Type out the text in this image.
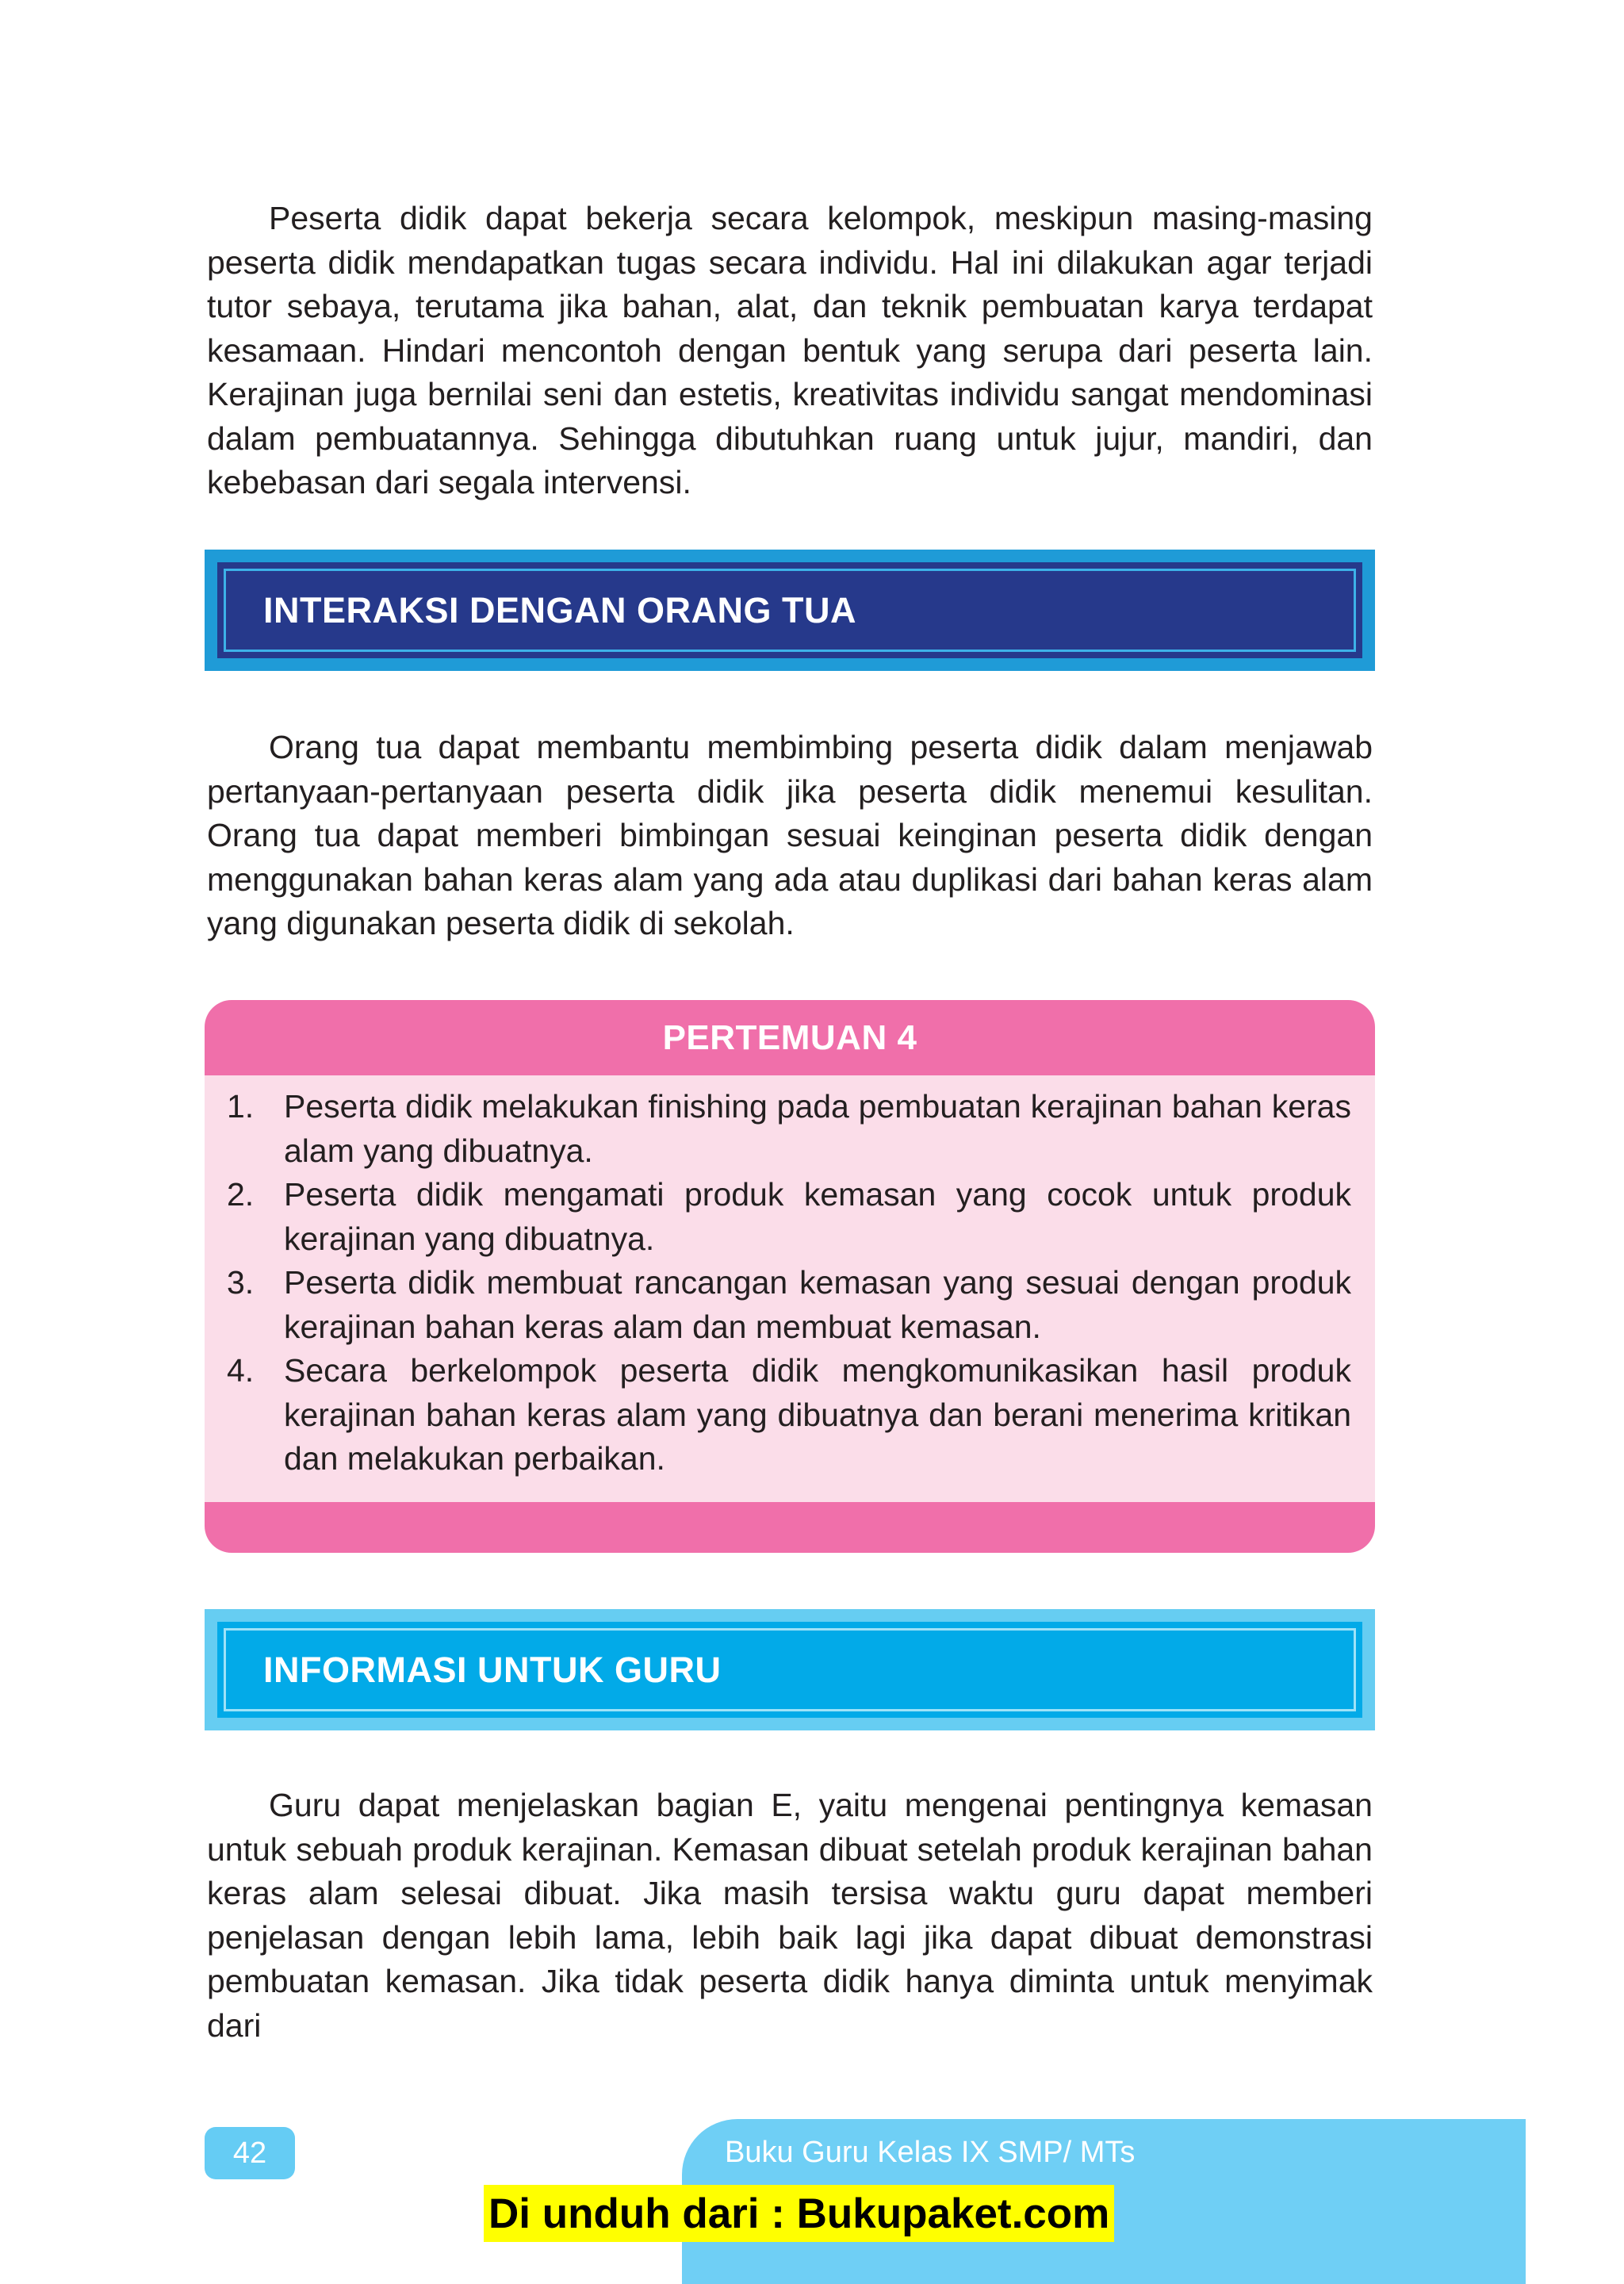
Peserta didik dapat bekerja secara kelompok, meskipun masing-masing peserta didik mendapatkan tugas secara individu. Hal ini dilakukan agar terjadi tutor sebaya, terutama jika bahan, alat, dan teknik pembuatan karya terdapat kesamaan. Hindari mencontoh dengan bentuk yang serupa dari peserta lain. Kerajinan juga bernilai seni dan estetis, kreativitas individu sangat mendominasi dalam pembuatannya. Sehingga dibutuhkan ruang untuk jujur, mandiri, dan kebebasan dari segala intervensi.

INTERAKSI DENGAN ORANG TUA

Orang tua dapat membantu membimbing peserta didik dalam menjawab pertanyaan-pertanyaan peserta didik jika peserta didik menemui kesulitan. Orang tua dapat memberi bimbingan sesuai keinginan peserta didik dengan menggunakan bahan keras alam yang ada atau duplikasi dari bahan keras alam yang digunakan peserta didik di sekolah.

PERTEMUAN 4
1. Peserta didik melakukan finishing pada pembuatan kerajinan bahan keras alam yang dibuatnya.
2. Peserta didik mengamati produk kemasan yang cocok untuk produk kerajinan yang dibuatnya.
3. Peserta didik membuat rancangan kemasan yang sesuai dengan produk kerajinan bahan keras alam dan membuat kemasan.
4. Secara berkelompok peserta didik mengkomunikasikan hasil produk kerajinan bahan keras alam yang dibuatnya dan berani menerima kritikan dan melakukan perbaikan.
INFORMASI UNTUK GURU

Guru dapat menjelaskan bagian E, yaitu mengenai pentingnya kemasan untuk sebuah produk kerajinan. Kemasan dibuat setelah produk kerajinan bahan keras alam selesai dibuat. Jika masih tersisa waktu guru dapat memberi penjelasan dengan lebih lama, lebih baik lagi jika dapat dibuat demonstrasi pembuatan kemasan. Jika tidak peserta didik hanya diminta untuk menyimak dari

42	Buku Guru Kelas IX SMP/ MTs
Di unduh dari : Bukupaket.com
